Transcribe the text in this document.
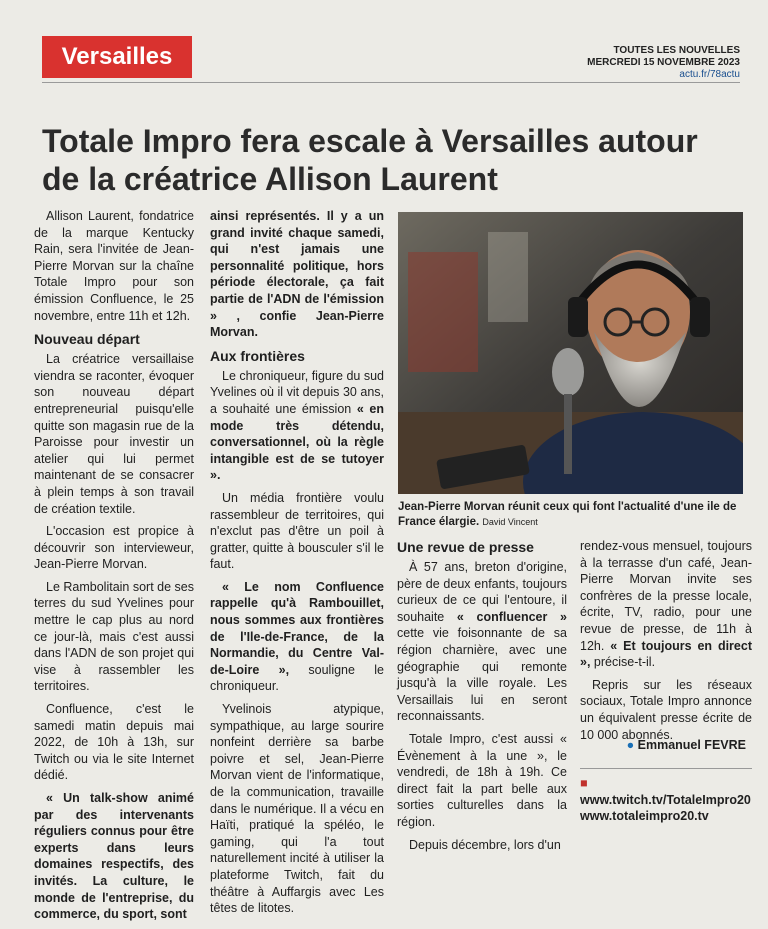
Versailles	TOUTES LES NOUVELLES
MERCREDI 15 NOVEMBRE 2023
actu.fr/78actu
Totale Impro fera escale à Versailles autour de la créatrice Allison Laurent

Allison Laurent, fondatrice de la marque Kentucky Rain, sera l'invitée de Jean-Pierre Morvan sur la chaîne Totale Impro pour son émission Confluence, le 25 novembre, entre 11h et 12h.

Nouveau départ

La créatrice versaillaise viendra se raconter, évoquer son nouveau départ entrepreneurial puisqu'elle quitte son magasin rue de la Paroisse pour investir un atelier qui lui permet maintenant de se consacrer à plein temps à son travail de création textile.

L'occasion est propice à découvrir son intervieweur, Jean-Pierre Morvan.

Le Rambolitain sort de ses terres du sud Yvelines pour mettre le cap plus au nord ce jour-là, mais c'est aussi dans l'ADN de son projet qui vise à rassembler les territoires.

Confluence, c'est le samedi matin depuis mai 2022, de 10h à 13h, sur Twitch ou via le site Internet dédié.

« Un talk-show animé par des intervenants réguliers connus pour être experts dans leurs domaines respectifs, des invités. La culture, le monde de l'entreprise, du commerce, du sport, sont

ainsi représentés. Il y a un grand invité chaque samedi, qui n'est jamais une personnalité politique, hors période électorale, ça fait partie de l'ADN de l'émission » , confie Jean-Pierre Morvan.

Aux frontières

Le chroniqueur, figure du sud Yvelines où il vit depuis 30 ans, a souhaité une émission « en mode très détendu, conversationnel, où la règle intangible est de se tutoyer ».

Un média frontière voulu rassembleur de territoires, qui n'exclut pas d'être un poil à gratter, quitte à bousculer s'il le faut.

« Le nom Confluence rappelle qu'à Rambouillet, nous sommes aux frontières de l'Ile-de-France, de la Normandie, du Centre Val-de-Loire », souligne le chroniqueur.

Yvelinois atypique, sympathique, au large sourire nonfeint derrière sa barbe poivre et sel, Jean-Pierre Morvan vient de l'informatique, de la communication, travaille dans le numérique. Il a vécu en Haïti, pratiqué la spéléo, le gaming, qui l'a tout naturellement incité à utiliser la plateforme Twitch, fait du théâtre à Auffargis avec Les têtes de litotes.

Jean-Pierre Morvan réunit ceux qui font l'actualité d'une ile de France élargie. David Vincent
Une revue de presse

À 57 ans, breton d'origine, père de deux enfants, toujours curieux de ce qui l'entoure, il souhaite « confluencer » cette vie foisonnante de sa région charnière, avec une géographie qui remonte jusqu'à la ville royale. Les Versaillais lui en seront reconnaissants.

Totale Impro, c'est aussi « Évènement à la une », le vendredi, de 18h à 19h. Ce direct fait la part belle aux sorties culturelles dans la région.

Depuis décembre, lors d'un

rendez-vous mensuel, toujours à la terrasse d'un café, Jean-Pierre Morvan invite ses confrères de la presse locale, écrite, TV, radio, pour une revue de presse, de 11h à 12h. « Et toujours en direct », précise-t-il.

Repris sur les réseaux sociaux, Totale Impro annonce un équivalent presse écrite de 10 000 abonnés.

● Emmanuel FEVRE
■ www.twitch.tv/TotaleImpro20 www.totaleimpro20.tv
